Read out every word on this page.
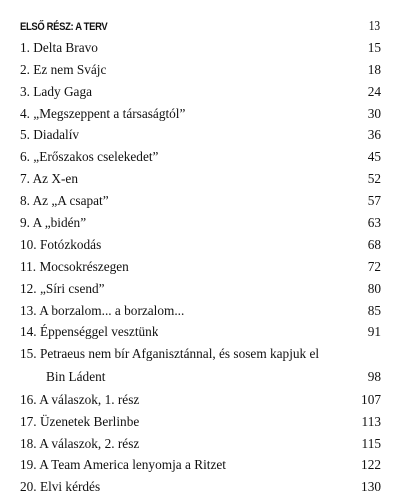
ELSŐ RÉSZ: A TERV	13
1. Delta Bravo	15
2. Ez nem Svájc	18
3. Lady Gaga	24
4. „Megszeppent a társaságtól”	30
5. Diadalív	36
6. „Erőszakos cselekedet”	45
7. Az X-en	52
8. Az „A csapat”	57
9. A „bidén”	63
10. Fotózkodás	68
11. Mocsokrészegen	72
12. „Síri csend”	80
13. A borzalom... a borzalom...	85
14. Éppenséggel vesztünk	91
15. Petraeus nem bír Afganisztánnal, és sosem kapjuk el
Bin Ládent	98
16. A válaszok, 1. rész	107
17. Üzenetek Berlinbe	113
18. A válaszok, 2. rész	115
19. A Team America lenyomja a Ritzet	122
20. Elvi kérdés	130
